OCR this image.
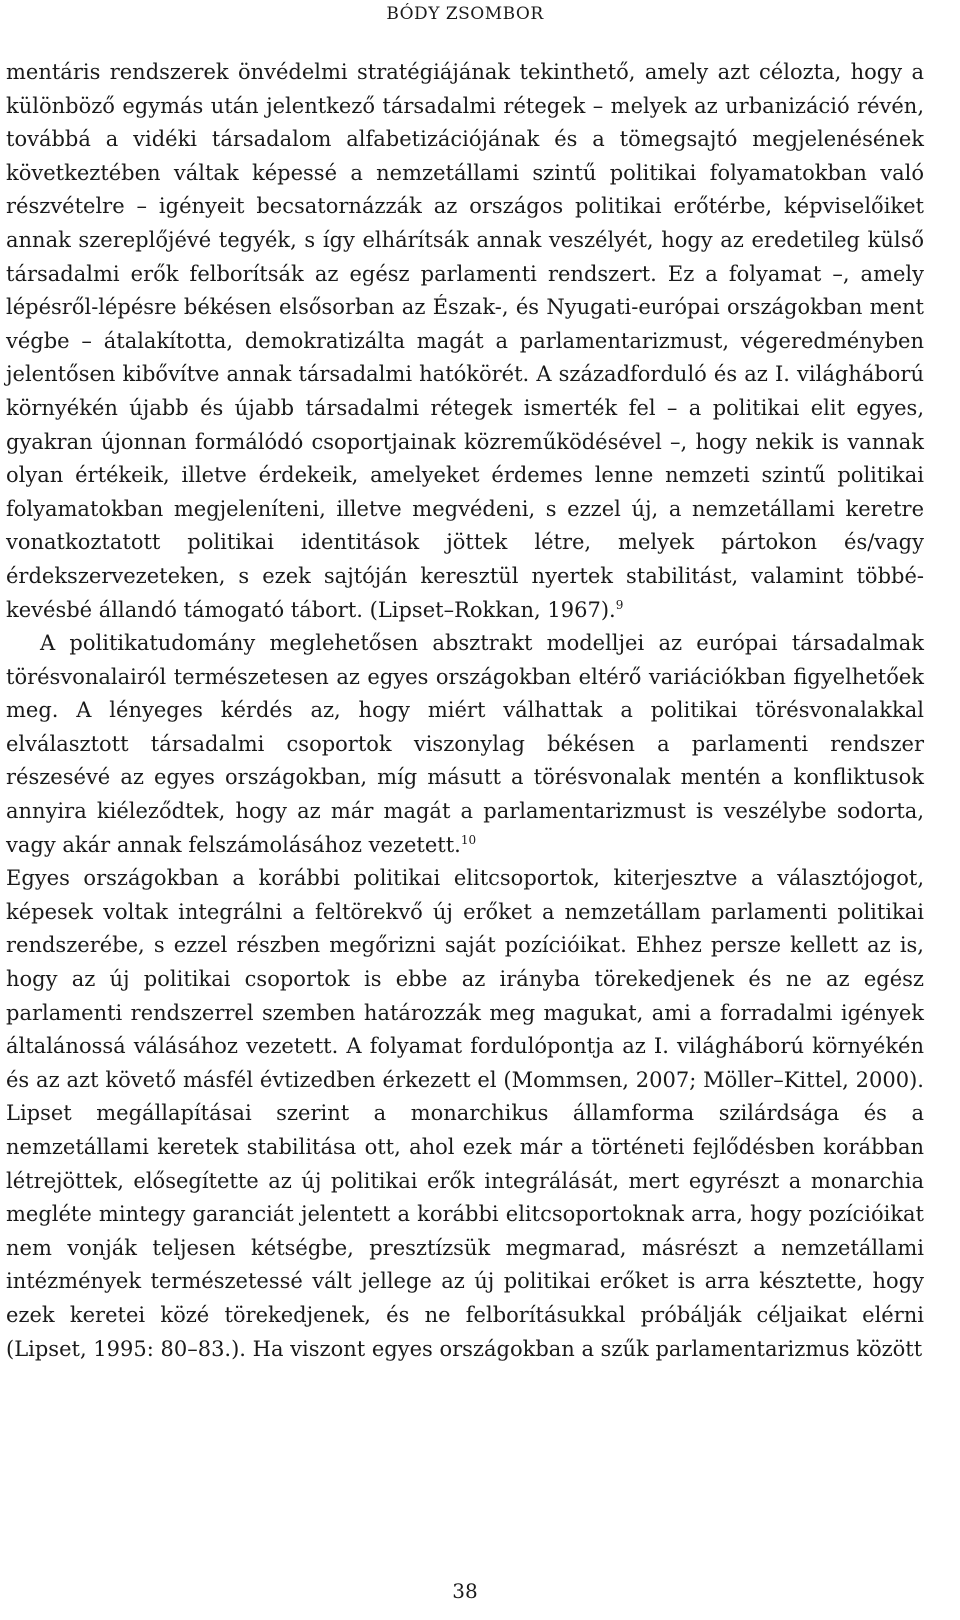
BÓDY ZSOMBOR

mentáris rendszerek önvédelmi stratégiájának tekinthető, amely azt célozta, hogy a különböző egymás után jelentkező társadalmi rétegek – melyek az urbanizáció révén, továbbá a vidéki társadalom alfabetizációjának és a tömegsajtó megjelenésének következtében váltak képessé a nemzetállami szintű politikai folyamatokban való részvételre – igényeit becsatornázzák az országos politikai erőtérbe, képviselőiket annak szereplőjévé tegyék, s így elhárítsák annak veszélyét, hogy az eredetileg külső társadalmi erők felborítsák az egész parlamenti rendszert. Ez a folyamat –, amely lépésről-lépésre békésen elsősorban az Észak-, és Nyugati-európai országokban ment végbe – átalakította, demokratizálta magát a parlamentarizmust, végeredményben jelentősen kibővítve annak társadalmi hatókörét. A századforduló és az I. világháború környékén újabb és újabb társadalmi rétegek ismerték fel – a politikai elit egyes, gyakran újonnan formálódó csoportjainak közreműködésével –, hogy nekik is vannak olyan értékeik, illetve érdekeik, amelyeket érdemes lenne nemzeti szintű politikai folyamatokban megjeleníteni, illetve megvédeni, s ezzel új, a nemzetállami keretre vonatkoztatott politikai identitások jöttek létre, melyek pártokon és/vagy érdekszervezeteken, s ezek sajtóján keresztül nyertek stabilitást, valamint többé-kevésbé állandó támogató tábort. (Lipset–Rokkan, 1967).$^9$

A politikatudomány meglehetősen absztrakt modelljei az európai társadalmak törésvonalairól természetesen az egyes országokban eltérő variációkban figyelhetőek meg. A lényeges kérdés az, hogy miért válhattak a politikai törésvonalakkal elválasztott társadalmi csoportok viszonylag békésen a parlamenti rendszer részesévé az egyes országokban, míg másutt a törésvonalak mentén a konfliktusok annyira kiéleződtek, hogy az már magát a parlamentarizmust is veszélybe sodorta, vagy akár annak felszámolásához vezetett.$^{10}$

Egyes országokban a korábbi politikai elitcsoportok, kiterjesztve a választójogot, képesek voltak integrálni a feltörekvő új erőket a nemzetállam parlamenti politikai rendszerébe, s ezzel részben megőrizni saját pozícióikat. Ehhez persze kellett az is, hogy az új politikai csoportok is ebbe az irányba törekedjenek és ne az egész parlamenti rendszerrel szemben határozzák meg magukat, ami a forradalmi igények általánossá válásához vezetett. A folyamat fordulópontja az I. világháború környékén és az azt követő másfél évtizedben érkezett el (Mommsen, 2007; Möller–Kittel, 2000). Lipset megállapításai szerint a monarchikus államforma szilárdsága és a nemzetállami keretek stabilitása ott, ahol ezek már a történeti fejlődésben korábban létrejöttek, elősegítette az új politikai erők integrálását, mert egyrészt a monarchia megléte mintegy garanciát jelentett a korábbi elitcsoportoknak arra, hogy pozícióikat nem vonják teljesen kétségbe, presztízsük megmarad, másrészt a nemzetállami intézmények természetessé vált jellege az új politikai erőket is arra késztette, hogy ezek keretei közé törekedjenek, és ne felborításukkal próbálják céljaikat elérni (Lipset, 1995: 80–83.). Ha viszont egyes országokban a szűk parlamentarizmus között

38
